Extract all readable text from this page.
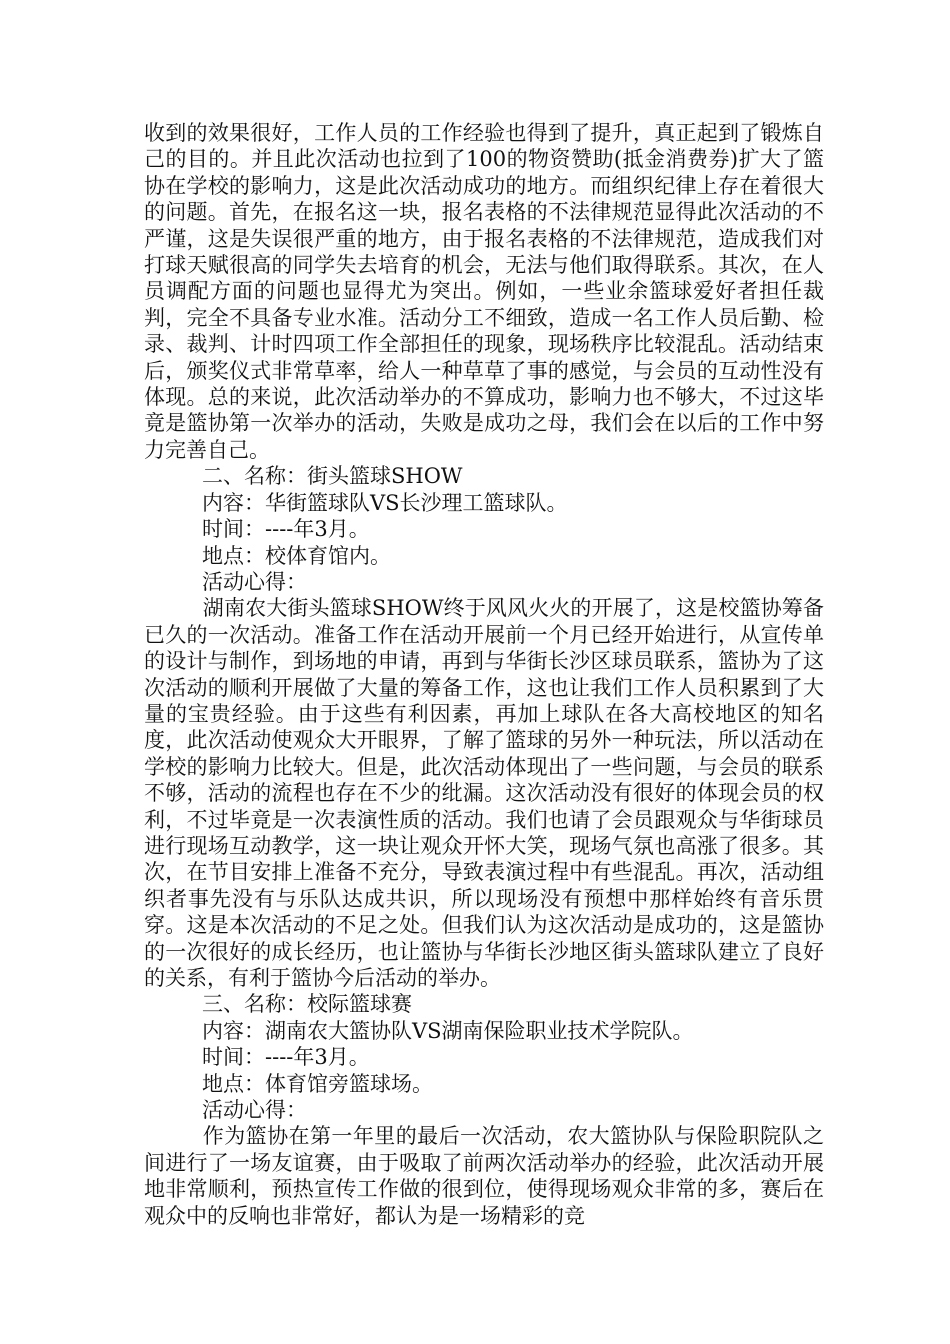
收到的效果很好，工作人员的工作经验也得到了提升，真正起到了锻炼自己的目的。并且此次活动也拉到了100的物资赞助(抵金消费券)扩大了篮协在学校的影响力，这是此次活动成功的地方。而组织纪律上存在着很大的问题。首先，在报名这一块，报名表格的不法律规范显得此次活动的不严谨，这是失误很严重的地方，由于报名表格的不法律规范，造成我们对打球天赋很高的同学失去培育的机会，无法与他们取得联系。其次，在人员调配方面的问题也显得尤为突出。例如，一些业余篮球爱好者担任裁判，完全不具备专业水准。活动分工不细致，造成一名工作人员后勤、检录、裁判、计时四项工作全部担任的现象，现场秩序比较混乱。活动结束后，颁奖仪式非常草率，给人一种草草了事的感觉，与会员的互动性没有体现。总的来说，此次活动举办的不算成功，影响力也不够大，不过这毕竟是篮协第一次举办的活动，失败是成功之母，我们会在以后的工作中努力完善自己。

二、名称：街头篮球SHOW

内容：华街篮球队VS长沙理工篮球队。

时间：----年3月。

地点：校体育馆内。

活动心得：

湖南农大街头篮球SHOW终于风风火火的开展了，这是校篮协筹备已久的一次活动。准备工作在活动开展前一个月已经开始进行，从宣传单的设计与制作，到场地的申请，再到与华街长沙区球员联系，篮协为了这次活动的顺利开展做了大量的筹备工作，这也让我们工作人员积累到了大量的宝贵经验。由于这些有利因素，再加上球队在各大高校地区的知名度，此次活动使观众大开眼界，了解了篮球的另外一种玩法，所以活动在学校的影响力比较大。但是，此次活动体现出了一些问题，与会员的联系不够，活动的流程也存在不少的纰漏。这次活动没有很好的体现会员的权利，不过毕竟是一次表演性质的活动。我们也请了会员跟观众与华街球员进行现场互动教学，这一块让观众开怀大笑，现场气氛也高涨了很多。其次，在节目安排上准备不充分，导致表演过程中有些混乱。再次，活动组织者事先没有与乐队达成共识，所以现场没有预想中那样始终有音乐贯穿。这是本次活动的不足之处。但我们认为这次活动是成功的，这是篮协的一次很好的成长经历，也让篮协与华街长沙地区街头篮球队建立了良好的关系，有利于篮协今后活动的举办。

三、名称：校际篮球赛

内容：湖南农大篮协队VS湖南保险职业技术学院队。

时间：----年3月。

地点：体育馆旁篮球场。

活动心得：

作为篮协在第一年里的最后一次活动，农大篮协队与保险职院队之间进行了一场友谊赛，由于吸取了前两次活动举办的经验，此次活动开展地非常顺利，预热宣传工作做的很到位，使得现场观众非常的多，赛后在观众中的反响也非常好，都认为是一场精彩的竞
